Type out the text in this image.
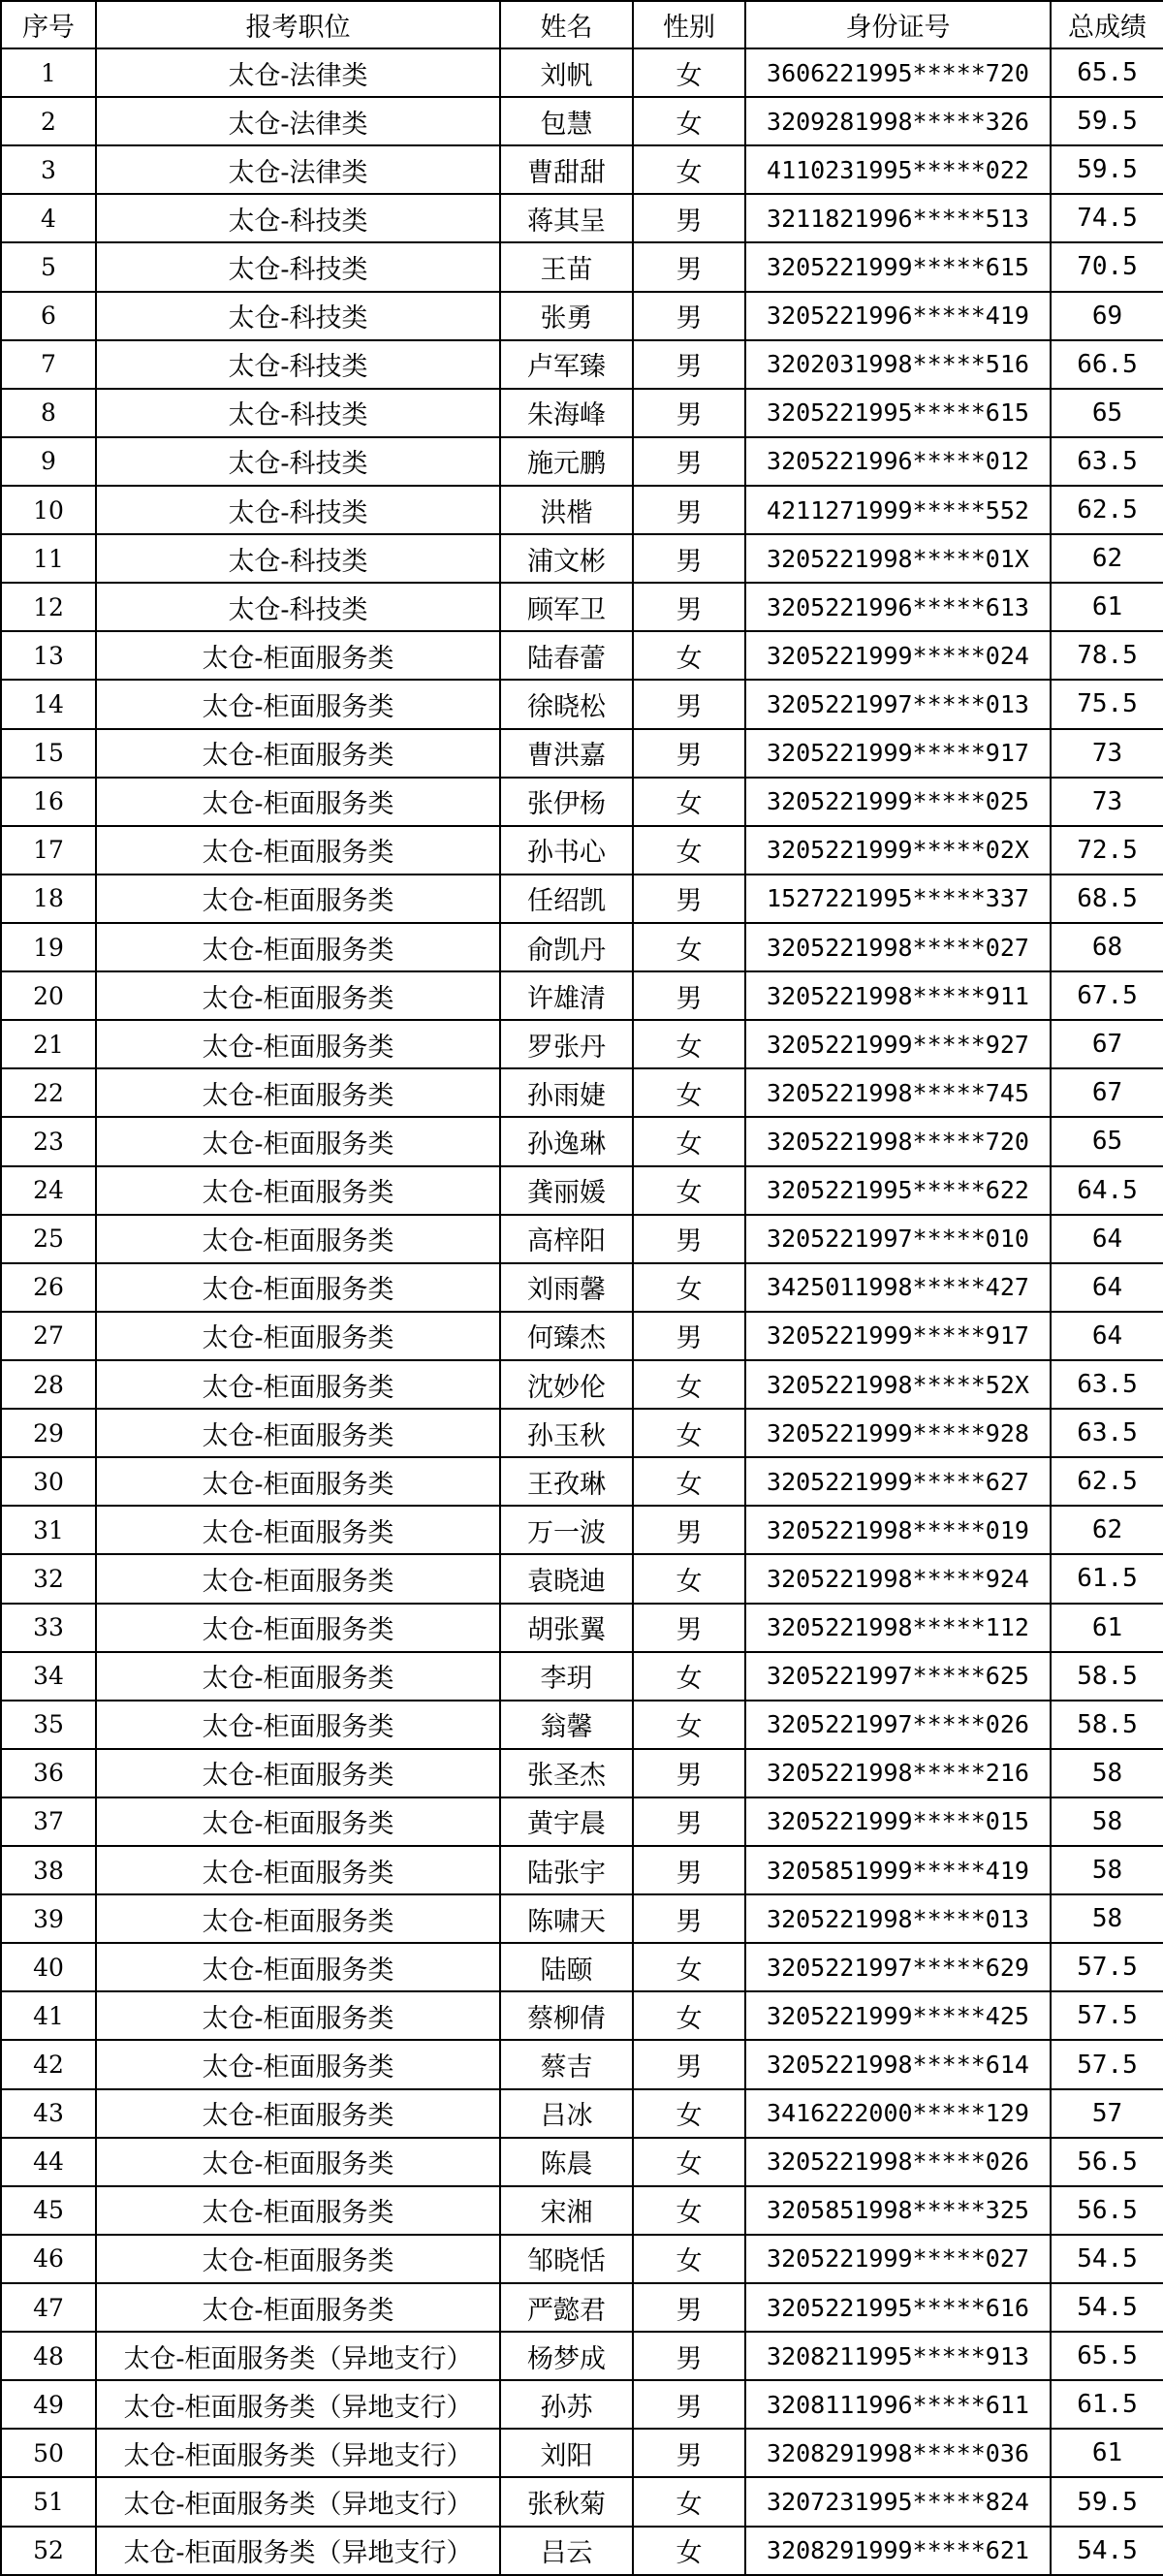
序号	报考职位	姓名	性别	身份证号	总成绩
1	太仓-法律类	刘帆	女	3606221995*****720	65.5
2	太仓-法律类	包慧	女	3209281998*****326	59.5
3	太仓-法律类	曹甜甜	女	4110231995*****022	59.5
4	太仓-科技类	蒋其呈	男	3211821996*****513	74.5
5	太仓-科技类	王苗	男	3205221999*****615	70.5
6	太仓-科技类	张勇	男	3205221996*****419	69
7	太仓-科技类	卢军臻	男	3202031998*****516	66.5
8	太仓-科技类	朱海峰	男	3205221995*****615	65
9	太仓-科技类	施元鹏	男	3205221996*****012	63.5
10	太仓-科技类	洪楷	男	4211271999*****552	62.5
11	太仓-科技类	浦文彬	男	3205221998*****01X	62
12	太仓-科技类	顾军卫	男	3205221996*****613	61
13	太仓-柜面服务类	陆春蕾	女	3205221999*****024	78.5
14	太仓-柜面服务类	徐晓松	男	3205221997*****013	75.5
15	太仓-柜面服务类	曹洪嘉	男	3205221999*****917	73
16	太仓-柜面服务类	张伊杨	女	3205221999*****025	73
17	太仓-柜面服务类	孙书心	女	3205221999*****02X	72.5
18	太仓-柜面服务类	任绍凯	男	1527221995*****337	68.5
19	太仓-柜面服务类	俞凯丹	女	3205221998*****027	68
20	太仓-柜面服务类	许雄清	男	3205221998*****911	67.5
21	太仓-柜面服务类	罗张丹	女	3205221999*****927	67
22	太仓-柜面服务类	孙雨婕	女	3205221998*****745	67
23	太仓-柜面服务类	孙逸琳	女	3205221998*****720	65
24	太仓-柜面服务类	龚丽媛	女	3205221995*****622	64.5
25	太仓-柜面服务类	高梓阳	男	3205221997*****010	64
26	太仓-柜面服务类	刘雨馨	女	3425011998*****427	64
27	太仓-柜面服务类	何臻杰	男	3205221999*****917	64
28	太仓-柜面服务类	沈妙伦	女	3205221998*****52X	63.5
29	太仓-柜面服务类	孙玉秋	女	3205221999*****928	63.5
30	太仓-柜面服务类	王孜琳	女	3205221999*****627	62.5
31	太仓-柜面服务类	万一波	男	3205221998*****019	62
32	太仓-柜面服务类	袁晓迪	女	3205221998*****924	61.5
33	太仓-柜面服务类	胡张翼	男	3205221998*****112	61
34	太仓-柜面服务类	李玥	女	3205221997*****625	58.5
35	太仓-柜面服务类	翁馨	女	3205221997*****026	58.5
36	太仓-柜面服务类	张圣杰	男	3205221998*****216	58
37	太仓-柜面服务类	黄宇晨	男	3205221999*****015	58
38	太仓-柜面服务类	陆张宇	男	3205851999*****419	58
39	太仓-柜面服务类	陈啸天	男	3205221998*****013	58
40	太仓-柜面服务类	陆颐	女	3205221997*****629	57.5
41	太仓-柜面服务类	蔡柳倩	女	3205221999*****425	57.5
42	太仓-柜面服务类	蔡吉	男	3205221998*****614	57.5
43	太仓-柜面服务类	吕冰	女	3416222000*****129	57
44	太仓-柜面服务类	陈晨	女	3205221998*****026	56.5
45	太仓-柜面服务类	宋湘	女	3205851998*****325	56.5
46	太仓-柜面服务类	邹晓恬	女	3205221999*****027	54.5
47	太仓-柜面服务类	严懿君	男	3205221995*****616	54.5
48	太仓-柜面服务类（异地支行）	杨梦成	男	3208211995*****913	65.5
49	太仓-柜面服务类（异地支行）	孙苏	男	3208111996*****611	61.5
50	太仓-柜面服务类（异地支行）	刘阳	男	3208291998*****036	61
51	太仓-柜面服务类（异地支行）	张秋菊	女	3207231995*****824	59.5
52	太仓-柜面服务类（异地支行）	吕云	女	3208291999*****621	54.5
